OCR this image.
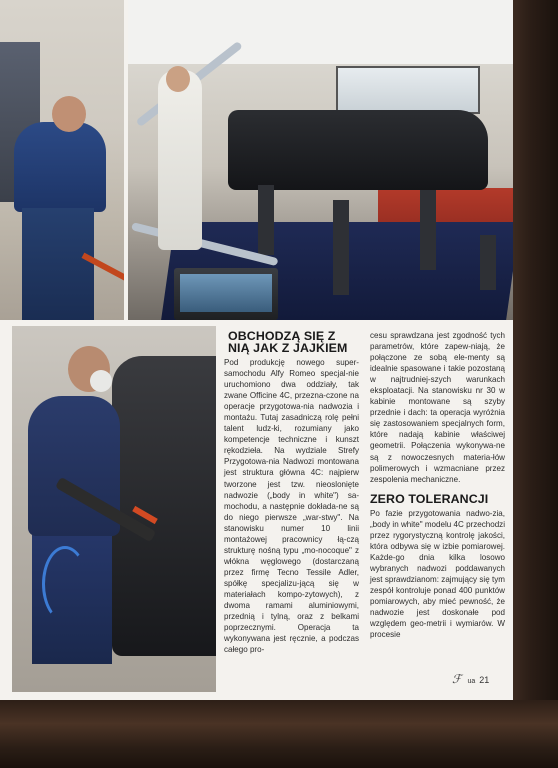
OBCHODZĄ SIĘ Z NIĄ JAK Z JAJKIEM

Pod produkcję nowego super-samochodu Alfy Romeo specjal-nie uruchomiono dwa oddziały, tak zwane Officine 4C, przezna-czone na operacje przygotowa-nia nadwozia i montażu. Tutaj zasadniczą rolę pełni talent ludz-ki, rozumiany jako kompetencje techniczne i kunszt rękodzieła. Na wydziale Strefy Przygotowa-nia Nadwozi montowana jest struktura główna 4C: najpierw tworzone jest tzw. nieoslonięte nadwozie („body in white") sa-mochodu, a następnie dokłada-ne są do niego pierwsze „war-stwy". Na stanowisku numer 10 linii montażowej pracownicy łą-czą strukturę nośną typu „mo-nocoque" z włókna węglowego (dostarczaną przez firmę Tecno Tessile Adler, spółkę specjalizu-jącą się w materiałach kompo-zytowych), z dwoma ramami aluminiowymi, przednią i tylną, oraz z belkami poprzecznymi. Operacja ta wykonywana jest ręcznie, a podczas całego pro-

cesu sprawdzana jest zgodność tych parametrów, które zapew-niają, że połączone ze sobą ele-menty są idealnie spasowane i takie pozostaną w najtrudniej-szych warunkach eksploatacji. Na stanowisku nr 30 w kabinie montowane są szyby przednie i dach: ta operacja wyróżnia się zastosowaniem specjalnych form, które nadają kabinie właściwej geometrii. Połączenia wykonywa-ne są z nowoczesnych materia-łów polimerowych i wzmacniane przez zespolenia mechaniczne.

ZERO TOLERANCJI

Po fazie przygotowania nadwo-zia, „body in white" modelu 4C przechodzi przez rygorystyczną kontrolę jakości, która odbywa się w izbie pomiarowej. Każde-go dnia kilka losowo wybranych nadwozi poddawanych jest sprawdzianom: zajmujący się tym zespół kontroluje ponad 400 punktów pomiarowych, aby mieć pewność, że nadwozie jest doskonałe pod względem geo-metrii i wymiarów. W procesie

ℱua 21
